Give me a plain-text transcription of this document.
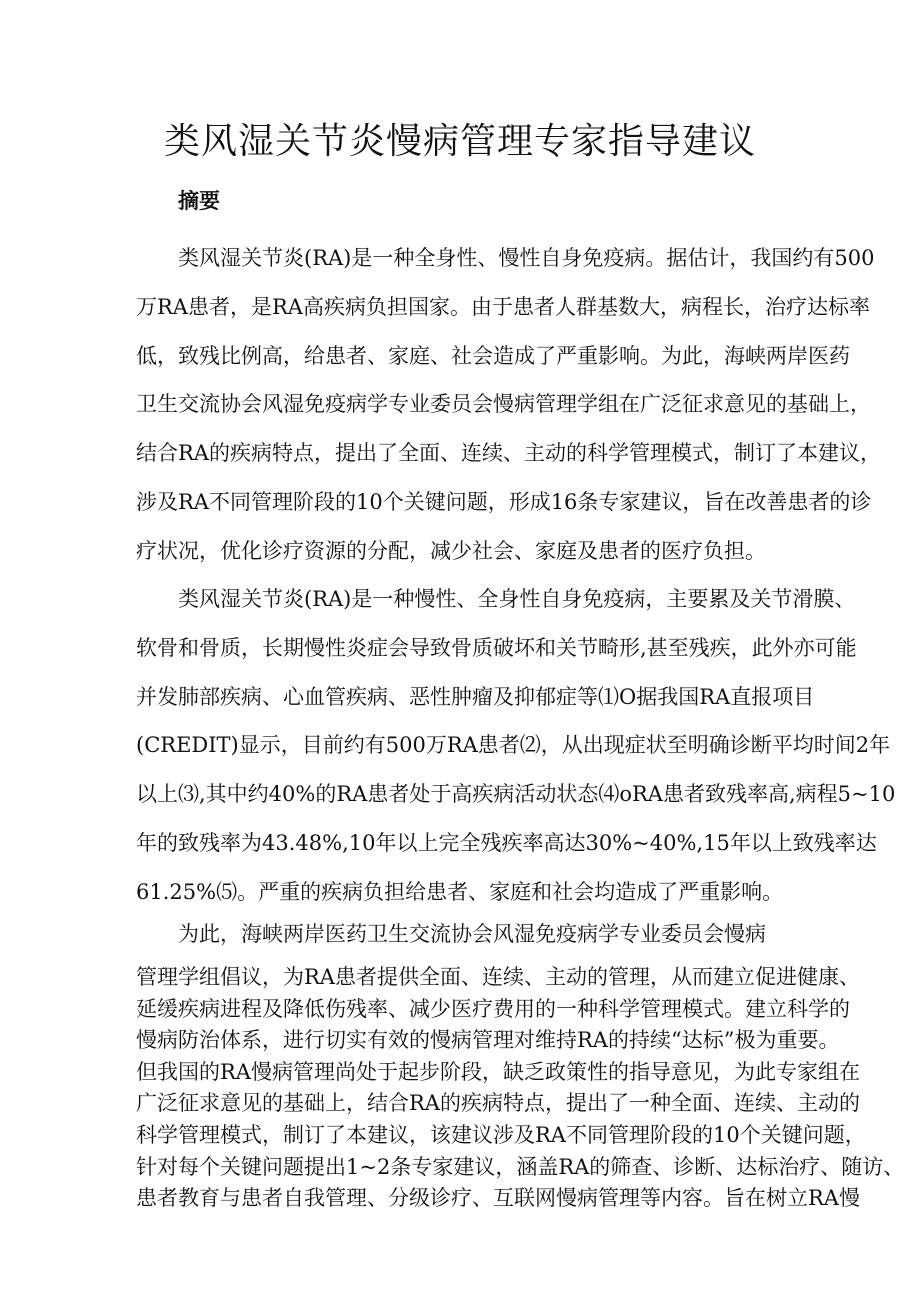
类风湿关节炎慢病管理专家指导建议
摘要
类风湿关节炎(RA)是一种全身性、慢性自身免疫病。据估计，我国约有500
万RA患者，是RA高疾病负担国家。由于患者人群基数大，病程长，治疗达标率
低，致残比例高，给患者、家庭、社会造成了严重影响。为此，海峡两岸医药
卫生交流协会风湿免疫病学专业委员会慢病管理学组在广泛征求意见的基础上，
结合RA的疾病特点，提出了全面、连续、主动的科学管理模式，制订了本建议，
涉及RA不同管理阶段的10个关键问题，形成16条专家建议，旨在改善患者的诊
疗状况，优化诊疗资源的分配，减少社会、家庭及患者的医疗负担。
类风湿关节炎(RA)是一种慢性、全身性自身免疫病，主要累及关节滑膜、
软骨和骨质，长期慢性炎症会导致骨质破坏和关节畸形,甚至残疾，此外亦可能
并发肺部疾病、心血管疾病、恶性肿瘤及抑郁症等⑴O据我国RA直报项目
(CREDIT)显示，目前约有500万RA患者⑵，从出现症状至明确诊断平均时间2年
以上⑶,其中约40%的RA患者处于高疾病活动状态⑷oRA患者致残率高,病程5~10
年的致残率为43.48%,10年以上完全残疾率高达30%~40%,15年以上致残率达
61.25%⑸。严重的疾病负担给患者、家庭和社会均造成了严重影响。
为此，海峡两岸医药卫生交流协会风湿免疫病学专业委员会慢病
管理学组倡议，为RA患者提供全面、连续、主动的管理，从而建立促进健康、
延缓疾病进程及降低伤残率、减少医疗费用的一种科学管理模式。建立科学的
慢病防治体系，进行切实有效的慢病管理对维持RA的持续“达标”极为重要。
但我国的RA慢病管理尚处于起步阶段，缺乏政策性的指导意见，为此专家组在
广泛征求意见的基础上，结合RA的疾病特点，提出了一种全面、连续、主动的
科学管理模式，制订了本建议，该建议涉及RA不同管理阶段的10个关键问题，
针对每个关键问题提出1~2条专家建议，涵盖RA的筛查、诊断、达标治疗、随访、
患者教育与患者自我管理、分级诊疗、互联网慢病管理等内容。旨在树立RA慢
